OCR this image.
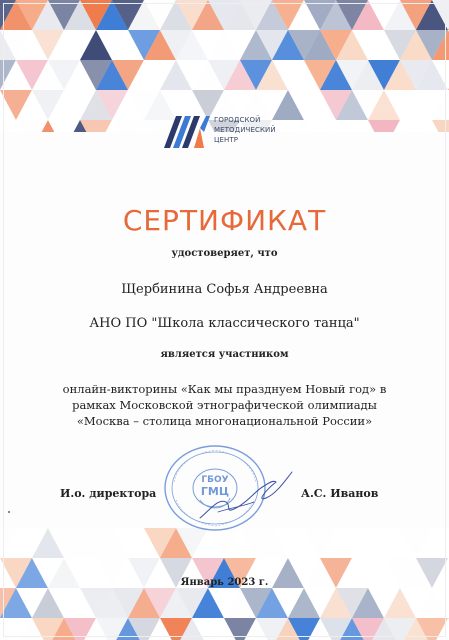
ГОРОДСКОЙ
МЕТОДИЧЕСКИЙ
ЦЕНТР
СЕРТИФИКАТ
удостоверяет, что
Щербинина Софья Андреевна
АНО ПО "Школа классического танца"
является участником
онлайн-викторины «Как мы празднуем Новый год» в
рамках Московской этнографической олимпиады
«Москва – столица многонациональной России»
ГБОУ
ГМЦ
И.о. директора	А.С. Иванов
Январь 2023 г.
